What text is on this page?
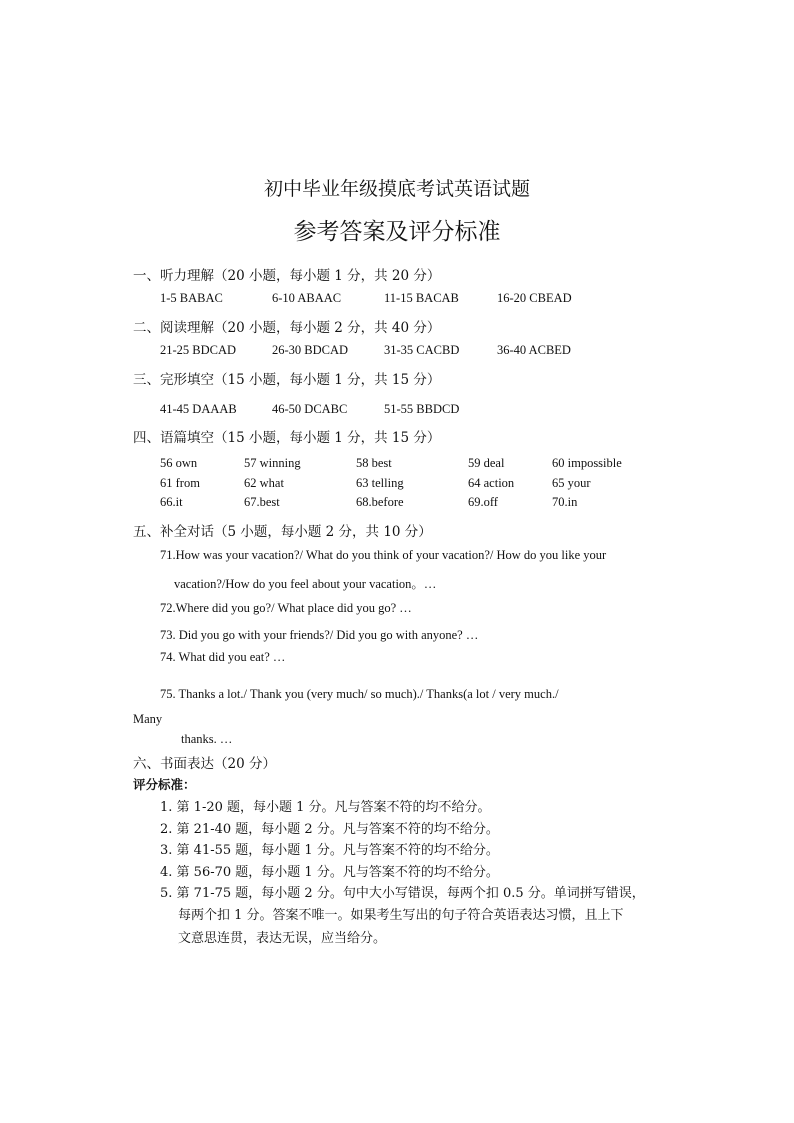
初中毕业年级摸底考试英语试题
参考答案及评分标准
一、听力理解（20 小题，每小题 1 分，共 20 分）
1-5 BABAC	6-10 ABAAC	11-15 BACAB	16-20 CBEAD
二、阅读理解（20 小题，每小题 2 分，共 40 分）
21-25 BDCAD	26-30 BDCAD	31-35 CACBD	36-40 ACBED
三、完形填空（15 小题，每小题 1 分，共 15 分）
41-45 DAAAB	46-50 DCABC	51-55 BBDCD
四、语篇填空（15 小题，每小题 1 分，共 15 分）
56 own	57 winning	58 best	59 deal	60 impossible
61 from	62 what	63 telling	64 action	65 your
66.it	67.best	68.before	69.off	70.in
五、补全对话（5 小题，每小题 2 分，共 10 分）
71.How was your vacation?/ What do you think of your vacation?/ How do you like your
vacation?/How do you feel about your vacation。…
72.Where did you go?/ What place did you go? …
73. Did you go with your friends?/ Did you go with anyone? …
74. What did you eat? …
75. Thanks a lot./ Thank you (very much/ so much)./ Thanks(a lot / very much./
Many
thanks. …
六、书面表达（20 分）
评分标准：
1. 第 1-20 题，每小题 1 分。凡与答案不符的均不给分。
2. 第 21-40 题，每小题 2 分。凡与答案不符的均不给分。
3. 第 41-55 题，每小题 1 分。凡与答案不符的均不给分。
4. 第 56-70 题，每小题 1 分。凡与答案不符的均不给分。
5. 第 71-75 题，每小题 2 分。句中大小写错误，每两个扣 0.5 分。单词拼写错误，
每两个扣 1 分。答案不唯一。如果考生写出的句子符合英语表达习惯，且上下
文意思连贯，表达无误，应当给分。
